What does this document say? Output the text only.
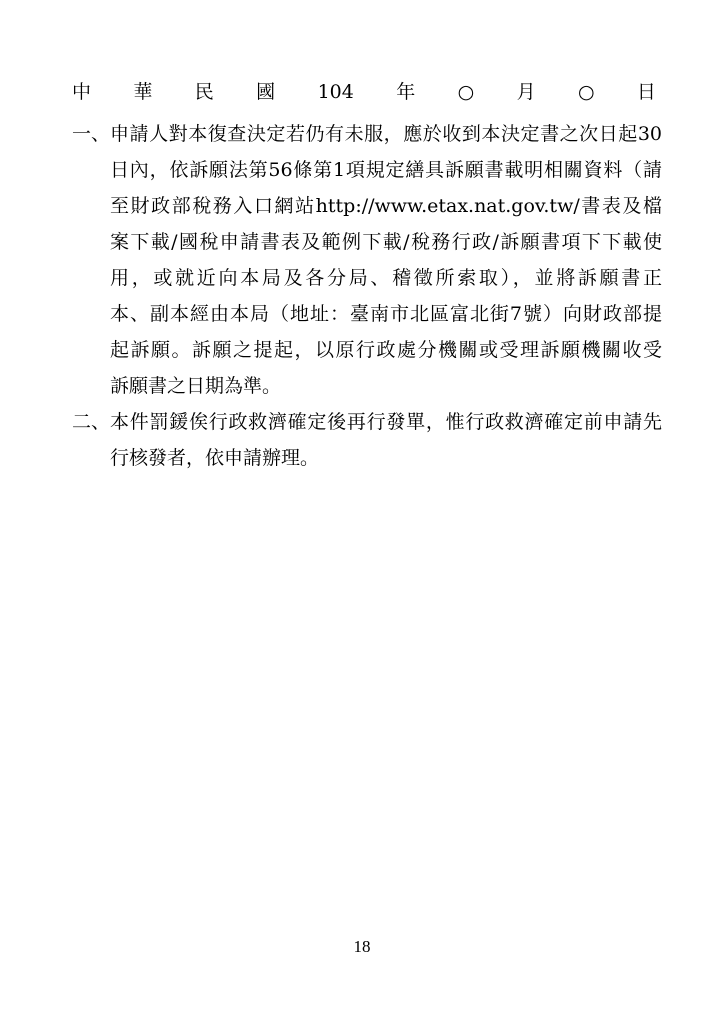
中 華 民 國 104 年 ○ 月 ○ 日
一、 申請人對本復查決定若仍有未服，應於收到本決定書之次日起30
日內，依訴願法第56條第1項規定繕具訴願書載明相關資料（請
至財政部稅務入口網站http://www.etax.nat.gov.tw/書表及檔
案下載/國稅申請書表及範例下載/稅務行政/訴願書項下下載使
用，或就近向本局及各分局、稽徵所索取），並將訴願書正
本、副本經由本局（地址：臺南市北區富北街7號）向財政部提
起訴願。訴願之提起，以原行政處分機關或受理訴願機關收受
訴願書之日期為準。
二、 本件罰鍰俟行政救濟確定後再行發單，惟行政救濟確定前申請先
行核發者，依申請辦理。
18
